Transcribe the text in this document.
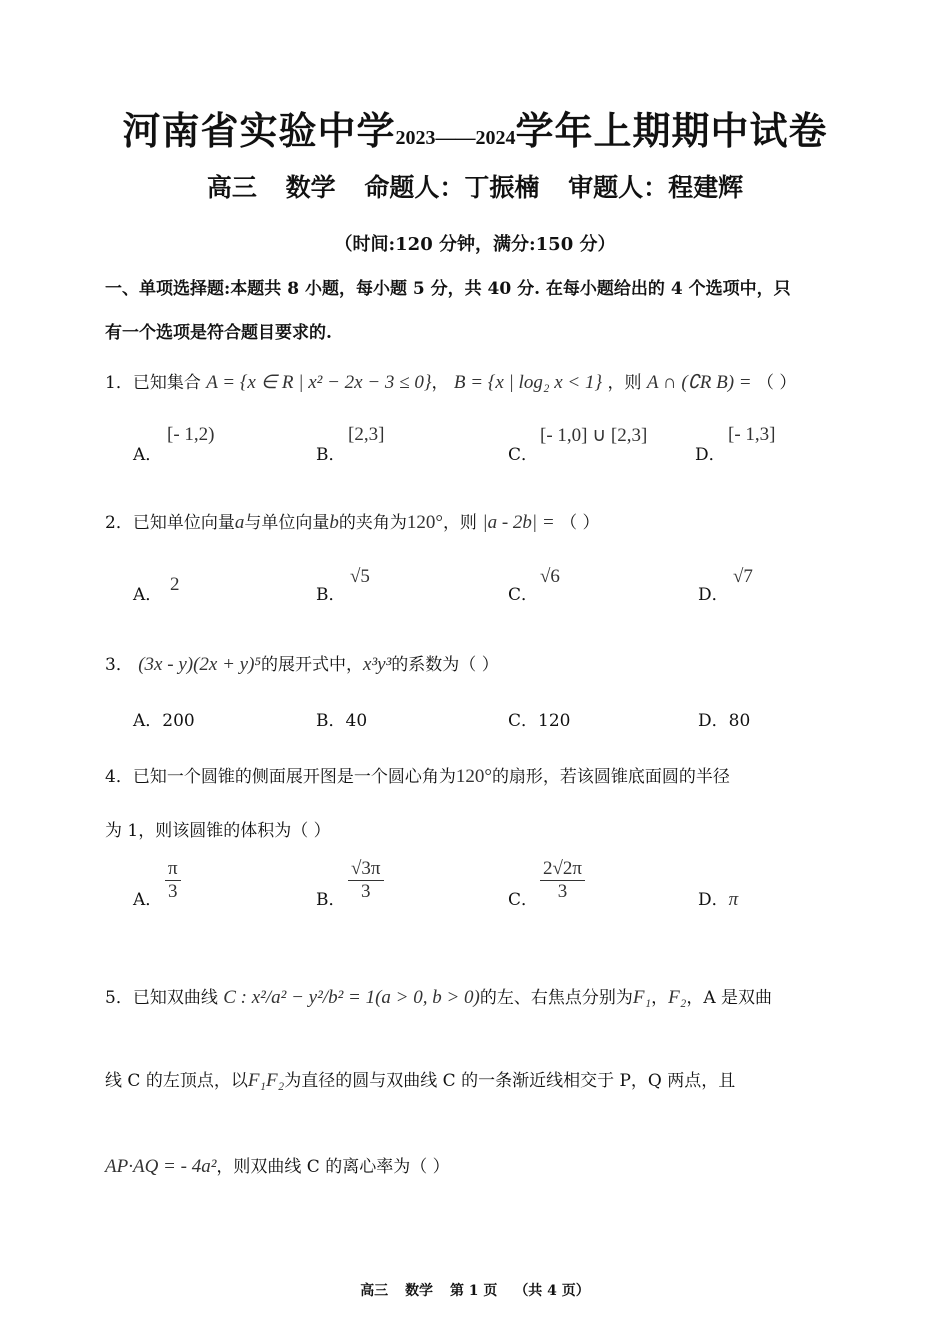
河南省实验中学2023——2024学年上期期中试卷
高三 数学 命题人：丁振楠 审题人：程建辉
（时间:120 分钟，满分:150 分）
一、单项选择题:本题共 8 小题，每小题 5 分，共 40 分. 在每小题给出的 4 个选项中，只
有一个选项是符合题目要求的.
1．已知集合 A = {x ∈ R | x² − 2x − 3 ≤ 0}， B = {x | log₂ x < 1} ，则 A ∩ (∁R B) = （ ）
A．
[- 1,2)
B．
[2,3]
C．
[- 1,0] ∪ [2,3]
D．
[- 1,3]
2．已知单位向量a与单位向量b的夹角为120°，则 |a - 2b| = （ ）
A． 2	B．
√5
C．
√6
D．
√7
3． (3x - y)(2x + y)⁵的展开式中，x³y³的系数为（ ）
A．200	B．40	C．120	D．80
4．已知一个圆锥的侧面展开图是一个圆心角为120°的扇形，若该圆锥底面圆的半径
为 1，则该圆锥的体积为（ ）
A． $\frac{\pi}{3}$	B． $\frac{√3\pi}{3}$	C． $\frac{2√2\pi}{3}$	D．π
5．已知双曲线 C : x²/a² − y²/b² = 1(a > 0, b > 0)的左、右焦点分别为F₁，F₂，A 是双曲
线 C 的左顶点，以F₁F₂为直径的圆与双曲线 C 的一条渐近线相交于 P，Q 两点，且
AP·AQ = - 4a²，则双曲线 C 的离心率为（ ）
高三 数学 第 1 页 （共 4 页）
